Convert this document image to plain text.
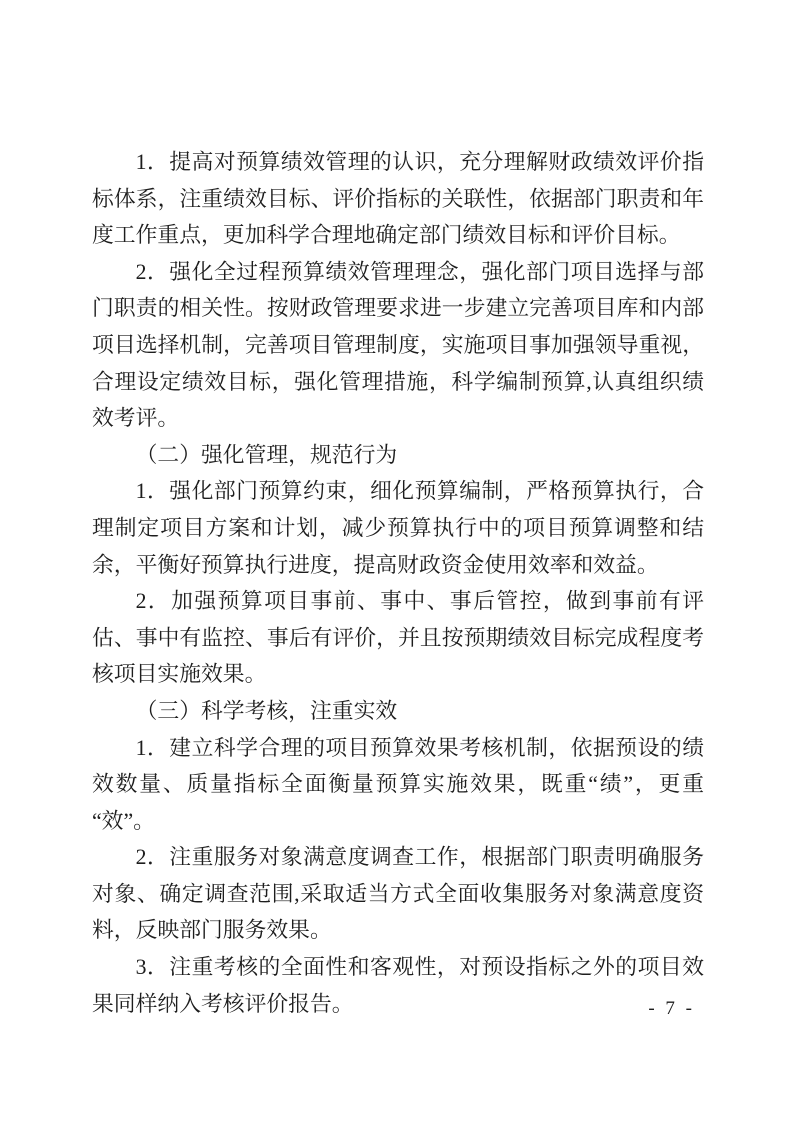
1．提高对预算绩效管理的认识，充分理解财政绩效评价指标体系，注重绩效目标、评价指标的关联性，依据部门职责和年度工作重点，更加科学合理地确定部门绩效目标和评价目标。

2．强化全过程预算绩效管理理念，强化部门项目选择与部门职责的相关性。按财政管理要求进一步建立完善项目库和内部项目选择机制，完善项目管理制度，实施项目事加强领导重视，合理设定绩效目标，强化管理措施，科学编制预算,认真组织绩效考评。

（二）强化管理，规范行为

1．强化部门预算约束，细化预算编制，严格预算执行，合理制定项目方案和计划，减少预算执行中的项目预算调整和结余，平衡好预算执行进度，提高财政资金使用效率和效益。

2．加强预算项目事前、事中、事后管控，做到事前有评估、事中有监控、事后有评价，并且按预期绩效目标完成程度考核项目实施效果。

（三）科学考核，注重实效

1．建立科学合理的项目预算效果考核机制，依据预设的绩效数量、质量指标全面衡量预算实施效果，既重“绩”，更重“效”。

2．注重服务对象满意度调查工作，根据部门职责明确服务对象、确定调查范围,采取适当方式全面收集服务对象满意度资料，反映部门服务效果。

3．注重考核的全面性和客观性，对预设指标之外的项目效果同样纳入考核评价报告。	- 7 -
